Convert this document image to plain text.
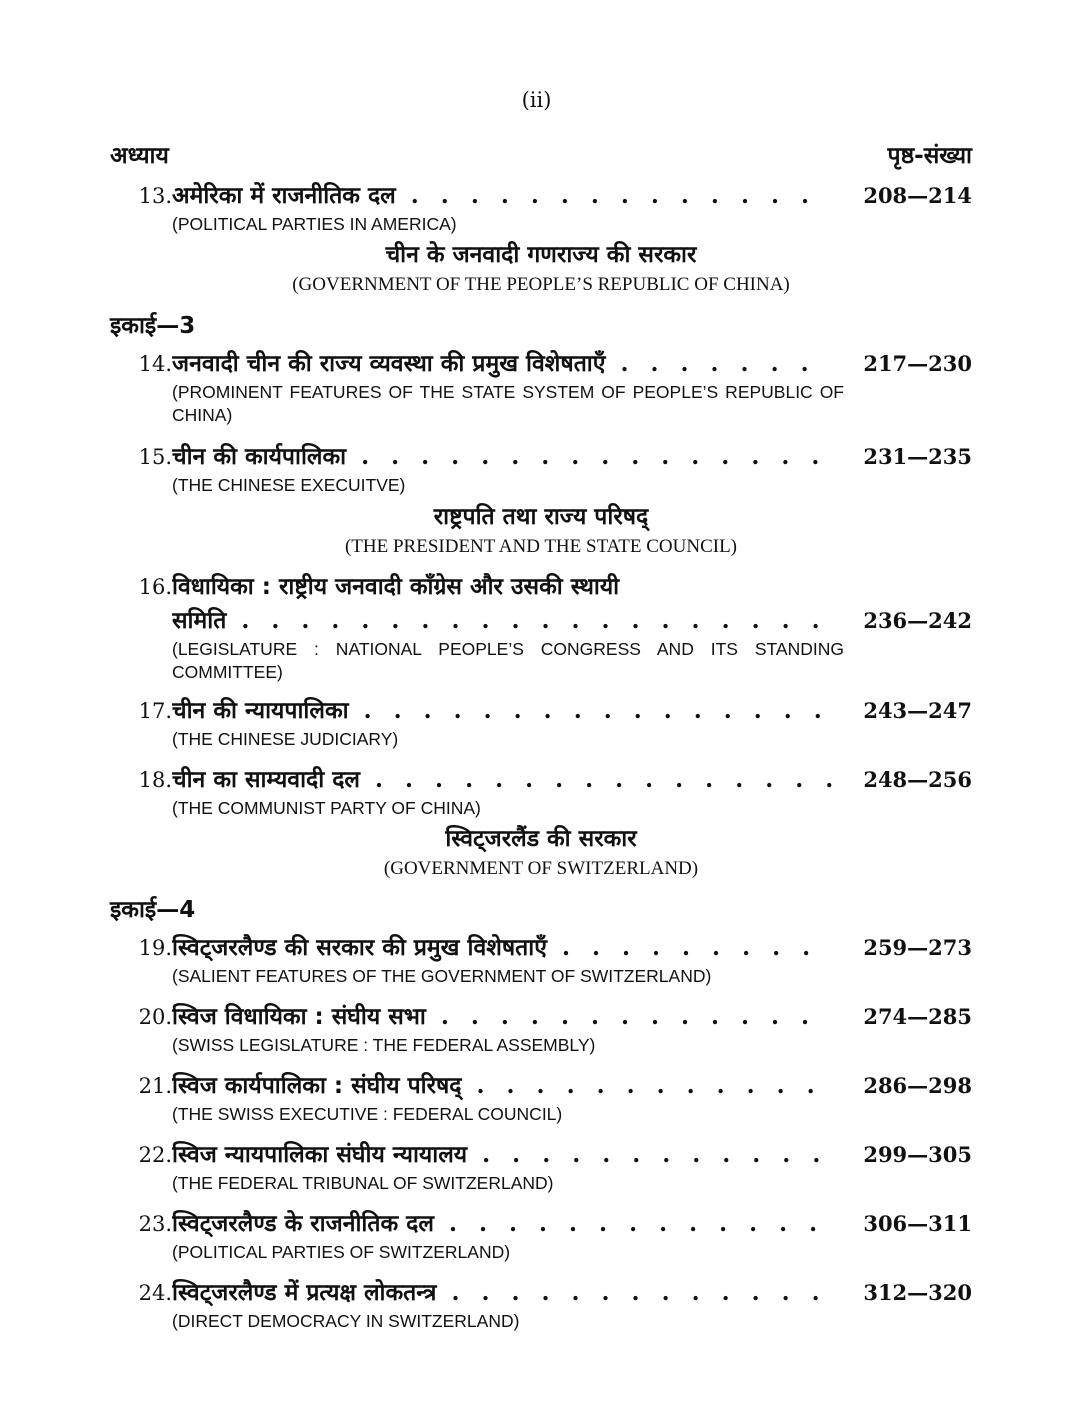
(ii)
अध्याय	पृष्ठ-संख्या
13. अमेरिका में राजनीतिक दल . . .	208—214
(POLITICAL PARTIES IN AMERICA)
चीन के जनवादी गणराज्य की सरकार
(GOVERNMENT OF THE PEOPLE’S REPUBLIC OF CHINA)
इकाई—3
14. जनवादी चीन की राज्य व्यवस्था की प्रमुख विशेषताएँ . . .	217—230
(PROMINENT FEATURES OF THE STATE SYSTEM OF PEOPLE’S REPUBLIC OF CHINA)
15. चीन की कार्यपालिका . . .	231—235
(THE CHINESE EXECUITVE)
राष्ट्रपति तथा राज्य परिषद्
(THE PRESIDENT AND THE STATE COUNCIL)
16. विधायिका : राष्ट्रीय जनवादी काँग्रेस और उसकी स्थायी
समिति . . .	236—242
(LEGISLATURE : NATIONAL PEOPLE’S CONGRESS AND ITS STANDING COMMITTEE)
17. चीन की न्यायपालिका . . .	243—247
(THE CHINESE JUDICIARY)
18. चीन का साम्यवादी दल . . .	248—256
(THE COMMUNIST PARTY OF CHINA)
स्विट्जरलैंड की सरकार
(GOVERNMENT OF SWITZERLAND)
इकाई—4
19. स्विट्जरलैण्ड की सरकार की प्रमुख विशेषताएँ . . .	259—273
(SALIENT FEATURES OF THE GOVERNMENT OF SWITZERLAND)
20. स्विज विधायिका : संघीय सभा . . .	274—285
(SWISS LEGISLATURE : THE FEDERAL ASSEMBLY)
21. स्विज कार्यपालिका : संघीय परिषद् . . .	286—298
(THE SWISS EXECUTIVE : FEDERAL COUNCIL)
22. स्विज न्यायपालिका संघीय न्यायालय . . .	299—305
(THE FEDERAL TRIBUNAL OF SWITZERLAND)
23. स्विट्जरलैण्ड के राजनीतिक दल . . .	306—311
(POLITICAL PARTIES OF SWITZERLAND)
24. स्विट्जरलैण्ड में प्रत्यक्ष लोकतन्त्र . . .	312—320
(DIRECT DEMOCRACY IN SWITZERLAND)
